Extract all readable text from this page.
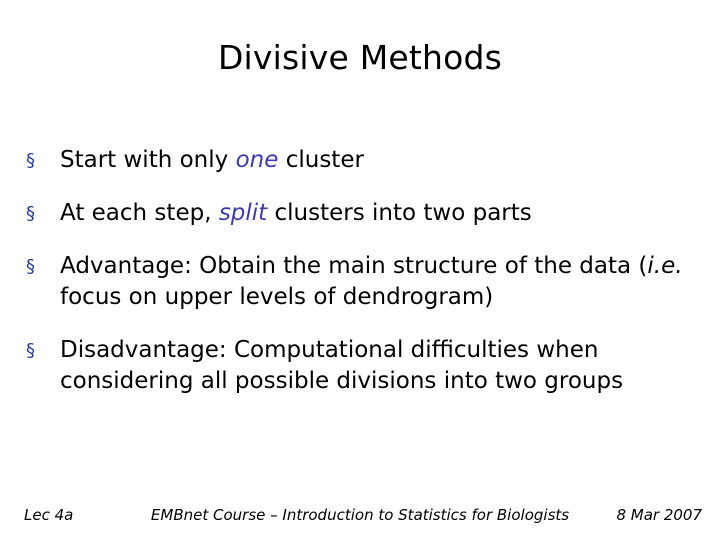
Divisive Methods
§ Start with only one cluster
§ At each step, split clusters into two parts
§ Advantage: Obtain the main structure of the data (i.e. focus on upper levels of dendrogram)
§ Disadvantage: Computational difficulties when considering all possible divisions into two groups
Lec 4a	EMBnet Course – Introduction to Statistics for Biologists	8 Mar 2007
